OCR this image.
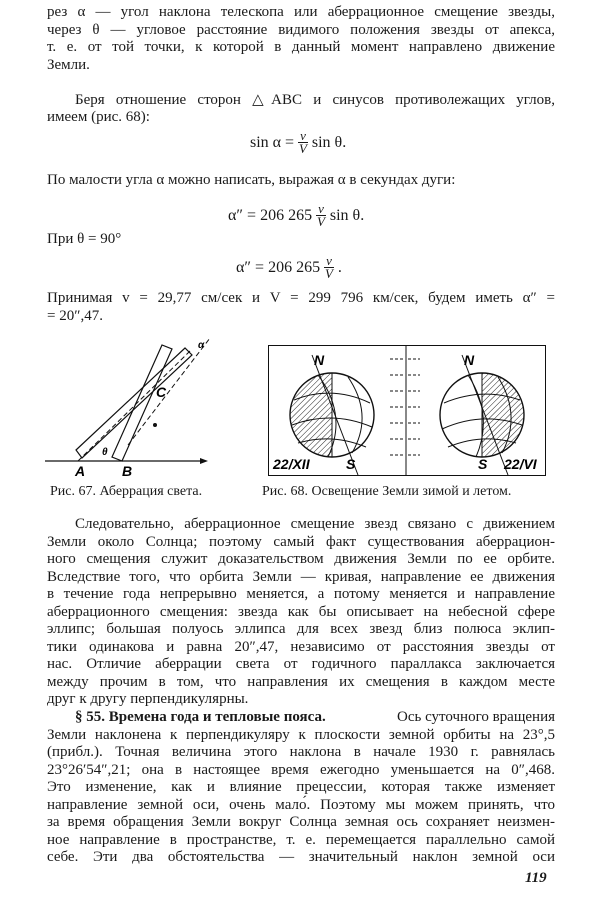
рез α — угол наклона телескопа или аберрационное смещение звезды,
через θ — угловое расстояние видимого положения звезды от апекса,
т. е. от той точки, к которой в данный момент направлено движение
Земли.
Беря отношение сторон △ABC и синусов противолежащих углов,
имеем (рис. 68):
$\sin \alpha = \frac{v}{V}$ sin θ.
По малости угла α можно написать, выражая α в секундах дуги:
α″ = 206 $265 \frac{v}{V}$ sin θ.
При θ = 90°
α″ = 206 $265 \frac{v}{V}$ .
Принимая v = 29,77 см/сек и V = 299 796 км/сек, будем иметь α″ =
= 20″,47.
A	B
C
θ
α
Рис. 67. Аберрация света.
N
S
N
S
22/XII	22/VI
Рис. 68. Освещение Земли зимой и летом.
Следовательно, аберрационное смещение звезд связано с движением
Земли около Солнца; поэтому самый факт существования аберрацион-
ного смещения служит доказательством движения Земли по ее орбите.
Вследствие того, что орбита Земли — кривая, направление ее движения
в течение года непрерывно меняется, а потому меняется и направление
аберрационного смещения: звезда как бы описывает на небесной сфере
эллипс; большая полуось эллипса для всех звезд близ полюса эклип-
тики одинакова и равна 20″,47, независимо от расстояния звезды от
нас. Отличие аберрации света от годичного параллакса заключается
между прочим в том, что направления их смещения в каждом месте
друг к другу перпендикулярны.
§ 55. Времена года и тепловые пояса.	Ось суточного вращения
Земли наклонена к перпендикуляру к плоскости земной орбиты на 23°,5
(прибл.). Точная величина этого наклона в начале 1930 г. равнялась
23°26′54″,21; она в настоящее время ежегодно уменьшается на 0″,468.
Это изменение, как и влияние прецессии, которая также изменяет
направление земной оси, очень мало́. Поэтому мы можем принять, что
за время обращения Земли вокруг Солнца земная ось сохраняет неизмен-
ное направление в пространстве, т. е. перемещается параллельно самой
себе. Эти два обстоятельства — значительный наклон земной оси
119
